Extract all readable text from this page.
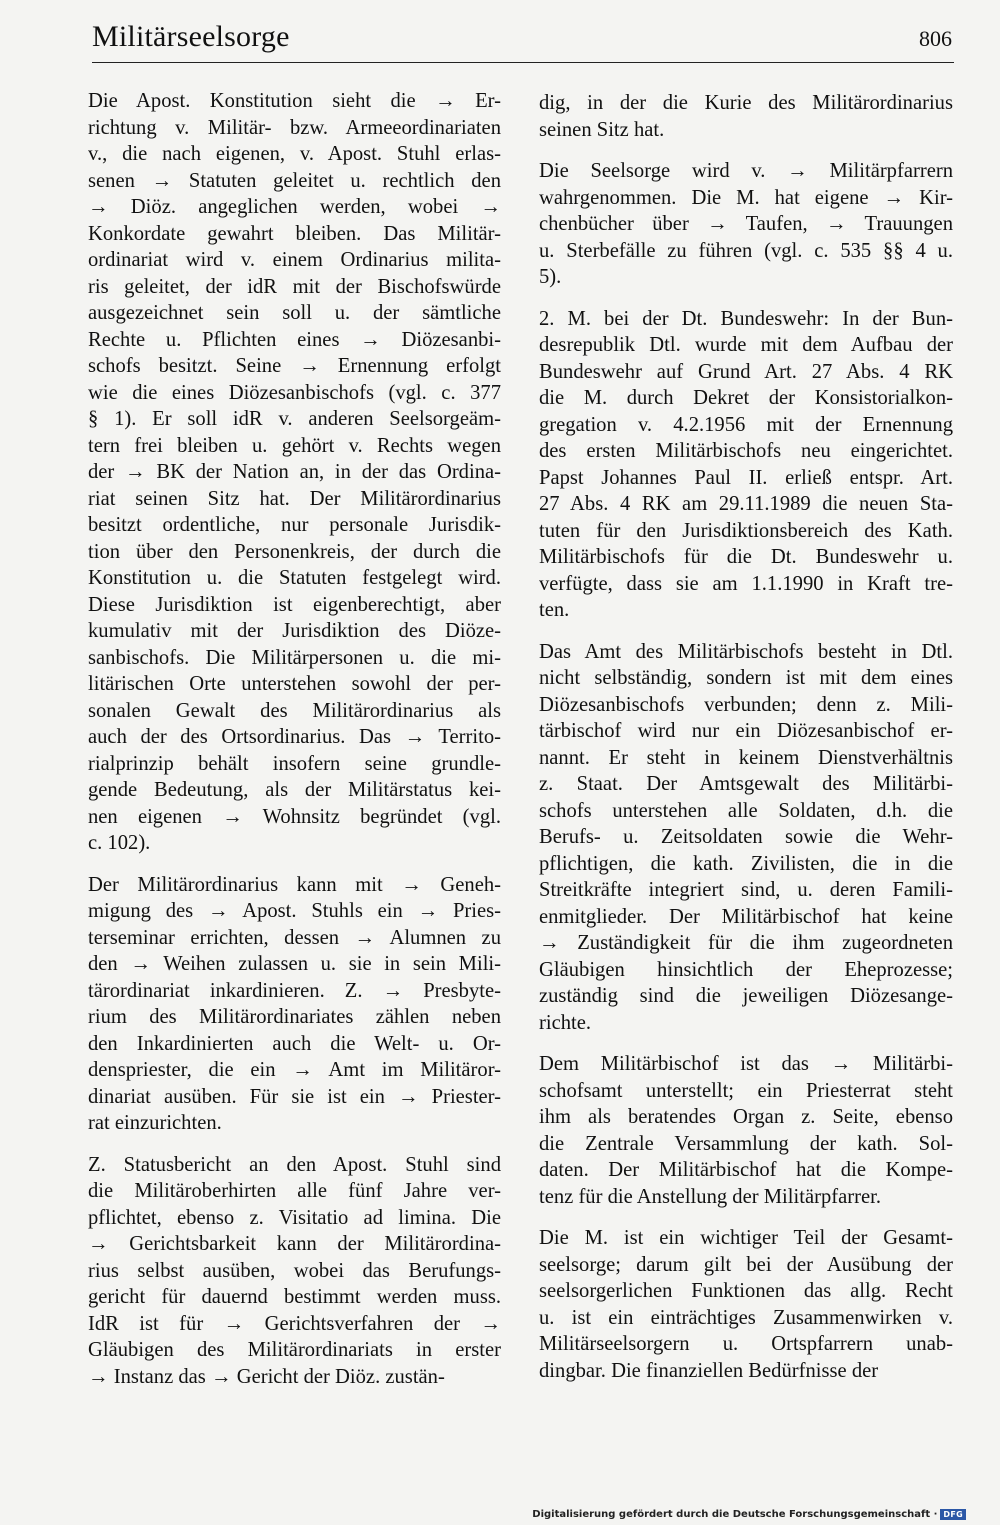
Militärseelsorge	806
Die Apost. Konstitution sieht die → Er-
richtung v. Militär- bzw. Armeeordinariaten
v., die nach eigenen, v. Apost. Stuhl erlas-
senen → Statuten geleitet u. rechtlich den
→ Diöz. angeglichen werden, wobei →
Konkordate gewahrt bleiben. Das Militär-
ordinariat wird v. einem Ordinarius milita-
ris geleitet, der idR mit der Bischofswürde
ausgezeichnet sein soll u. der sämtliche
Rechte u. Pflichten eines → Diözesanbi-
schofs besitzt. Seine → Ernennung erfolgt
wie die eines Diözesanbischofs (vgl. c. 377
§ 1). Er soll idR v. anderen Seelsorgeäm-
tern frei bleiben u. gehört v. Rechts wegen
der → BK der Nation an, in der das Ordina-
riat seinen Sitz hat. Der Militärordinarius
besitzt ordentliche, nur personale Jurisdik-
tion über den Personenkreis, der durch die
Konstitution u. die Statuten festgelegt wird.
Diese Jurisdiktion ist eigenberechtigt, aber
kumulativ mit der Jurisdiktion des Diöze-
sanbischofs. Die Militärpersonen u. die mi-
litärischen Orte unterstehen sowohl der per-
sonalen Gewalt des Militärordinarius als
auch der des Ortsordinarius. Das → Territo-
rialprinzip behält insofern seine grundle-
gende Bedeutung, als der Militärstatus kei-
nen eigenen → Wohnsitz begründet (vgl.
c. 102).
Der Militärordinarius kann mit → Geneh-
migung des → Apost. Stuhls ein → Pries-
terseminar errichten, dessen → Alumnen zu
den → Weihen zulassen u. sie in sein Mili-
tärordinariat inkardinieren. Z. → Presbyte-
rium des Militärordinariates zählen neben
den Inkardinierten auch die Welt- u. Or-
denspriester, die ein → Amt im Militäror-
dinariat ausüben. Für sie ist ein → Priester-
rat einzurichten.
Z. Statusbericht an den Apost. Stuhl sind
die Militäroberhirten alle fünf Jahre ver-
pflichtet, ebenso z. Visitatio ad limina. Die
→ Gerichtsbarkeit kann der Militärordina-
rius selbst ausüben, wobei das Berufungs-
gericht für dauernd bestimmt werden muss.
IdR ist für → Gerichtsverfahren der →
Gläubigen des Militärordinariats in erster
→ Instanz das → Gericht der Diöz. zustän-
dig, in der die Kurie des Militärordinarius
seinen Sitz hat.
Die Seelsorge wird v. → Militärpfarrern
wahrgenommen. Die M. hat eigene → Kir-
chenbücher über → Taufen, → Trauungen
u. Sterbefälle zu führen (vgl. c. 535 §§ 4 u.
5).
2. M. bei der Dt. Bundeswehr: In der Bun-
desrepublik Dtl. wurde mit dem Aufbau der
Bundeswehr auf Grund Art. 27 Abs. 4 RK
die M. durch Dekret der Konsistorialkon-
gregation v. 4.2.1956 mit der Ernennung
des ersten Militärbischofs neu eingerichtet.
Papst Johannes Paul II. erließ entspr. Art.
27 Abs. 4 RK am 29.11.1989 die neuen Sta-
tuten für den Jurisdiktionsbereich des Kath.
Militärbischofs für die Dt. Bundeswehr u.
verfügte, dass sie am 1.1.1990 in Kraft tre-
ten.
Das Amt des Militärbischofs besteht in Dtl.
nicht selbständig, sondern ist mit dem eines
Diözesanbischofs verbunden; denn z. Mili-
tärbischof wird nur ein Diözesanbischof er-
nannt. Er steht in keinem Dienstverhältnis
z. Staat. Der Amtsgewalt des Militärbi-
schofs unterstehen alle Soldaten, d.h. die
Berufs- u. Zeitsoldaten sowie die Wehr-
pflichtigen, die kath. Zivilisten, die in die
Streitkräfte integriert sind, u. deren Famili-
enmitglieder. Der Militärbischof hat keine
→ Zuständigkeit für die ihm zugeordneten
Gläubigen hinsichtlich der Eheprozesse;
zuständig sind die jeweiligen Diözesange-
richte.
Dem Militärbischof ist das → Militärbi-
schofsamt unterstellt; ein Priesterrat steht
ihm als beratendes Organ z. Seite, ebenso
die Zentrale Versammlung der kath. Sol-
daten. Der Militärbischof hat die Kompe-
tenz für die Anstellung der Militärpfarrer.
Die M. ist ein wichtiger Teil der Gesamt-
seelsorge; darum gilt bei der Ausübung der
seelsorgerlichen Funktionen das allg. Recht
u. ist ein einträchtiges Zusammenwirken v.
Militärseelsorgern u. Ortspfarrern unab-
dingbar. Die finanziellen Bedürfnisse der
Digitalisierung gefördert durch die Deutsche Forschungsgemeinschaft · DFG
